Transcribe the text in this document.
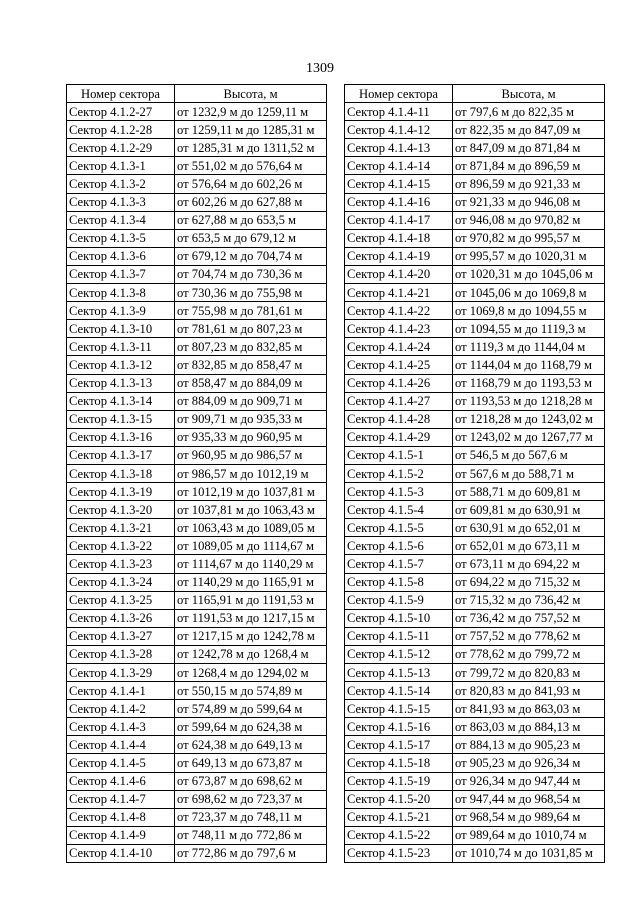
1309
Номер сектора	Высота, м
Сектор 4.1.2-27	от 1232,9 м до 1259,11 м
Сектор 4.1.2-28	от 1259,11 м до 1285,31 м
Сектор 4.1.2-29	от 1285,31 м до 1311,52 м
Сектор 4.1.3-1	от 551,02 м до 576,64 м
Сектор 4.1.3-2	от 576,64 м до 602,26 м
Сектор 4.1.3-3	от 602,26 м до 627,88 м
Сектор 4.1.3-4	от 627,88 м до 653,5 м
Сектор 4.1.3-5	от 653,5 м до 679,12 м
Сектор 4.1.3-6	от 679,12 м до 704,74 м
Сектор 4.1.3-7	от 704,74 м до 730,36 м
Сектор 4.1.3-8	от 730,36 м до 755,98 м
Сектор 4.1.3-9	от 755,98 м до 781,61 м
Сектор 4.1.3-10	от 781,61 м до 807,23 м
Сектор 4.1.3-11	от 807,23 м до 832,85 м
Сектор 4.1.3-12	от 832,85 м до 858,47 м
Сектор 4.1.3-13	от 858,47 м до 884,09 м
Сектор 4.1.3-14	от 884,09 м до 909,71 м
Сектор 4.1.3-15	от 909,71 м до 935,33 м
Сектор 4.1.3-16	от 935,33 м до 960,95 м
Сектор 4.1.3-17	от 960,95 м до 986,57 м
Сектор 4.1.3-18	от 986,57 м до 1012,19 м
Сектор 4.1.3-19	от 1012,19 м до 1037,81 м
Сектор 4.1.3-20	от 1037,81 м до 1063,43 м
Сектор 4.1.3-21	от 1063,43 м до 1089,05 м
Сектор 4.1.3-22	от 1089,05 м до 1114,67 м
Сектор 4.1.3-23	от 1114,67 м до 1140,29 м
Сектор 4.1.3-24	от 1140,29 м до 1165,91 м
Сектор 4.1.3-25	от 1165,91 м до 1191,53 м
Сектор 4.1.3-26	от 1191,53 м до 1217,15 м
Сектор 4.1.3-27	от 1217,15 м до 1242,78 м
Сектор 4.1.3-28	от 1242,78 м до 1268,4 м
Сектор 4.1.3-29	от 1268,4 м до 1294,02 м
Сектор 4.1.4-1	от 550,15 м до 574,89 м
Сектор 4.1.4-2	от 574,89 м до 599,64 м
Сектор 4.1.4-3	от 599,64 м до 624,38 м
Сектор 4.1.4-4	от 624,38 м до 649,13 м
Сектор 4.1.4-5	от 649,13 м до 673,87 м
Сектор 4.1.4-6	от 673,87 м до 698,62 м
Сектор 4.1.4-7	от 698,62 м до 723,37 м
Сектор 4.1.4-8	от 723,37 м до 748,11 м
Сектор 4.1.4-9	от 748,11 м до 772,86 м
Сектор 4.1.4-10	от 772,86 м до 797,6 м
Номер сектора	Высота, м
Сектор 4.1.4-11	от 797,6 м до 822,35 м
Сектор 4.1.4-12	от 822,35 м до 847,09 м
Сектор 4.1.4-13	от 847,09 м до 871,84 м
Сектор 4.1.4-14	от 871,84 м до 896,59 м
Сектор 4.1.4-15	от 896,59 м до 921,33 м
Сектор 4.1.4-16	от 921,33 м до 946,08 м
Сектор 4.1.4-17	от 946,08 м до 970,82 м
Сектор 4.1.4-18	от 970,82 м до 995,57 м
Сектор 4.1.4-19	от 995,57 м до 1020,31 м
Сектор 4.1.4-20	от 1020,31 м до 1045,06 м
Сектор 4.1.4-21	от 1045,06 м до 1069,8 м
Сектор 4.1.4-22	от 1069,8 м до 1094,55 м
Сектор 4.1.4-23	от 1094,55 м до 1119,3 м
Сектор 4.1.4-24	от 1119,3 м до 1144,04 м
Сектор 4.1.4-25	от 1144,04 м до 1168,79 м
Сектор 4.1.4-26	от 1168,79 м до 1193,53 м
Сектор 4.1.4-27	от 1193,53 м до 1218,28 м
Сектор 4.1.4-28	от 1218,28 м до 1243,02 м
Сектор 4.1.4-29	от 1243,02 м до 1267,77 м
Сектор 4.1.5-1	от 546,5 м до 567,6 м
Сектор 4.1.5-2	от 567,6 м до 588,71 м
Сектор 4.1.5-3	от 588,71 м до 609,81 м
Сектор 4.1.5-4	от 609,81 м до 630,91 м
Сектор 4.1.5-5	от 630,91 м до 652,01 м
Сектор 4.1.5-6	от 652,01 м до 673,11 м
Сектор 4.1.5-7	от 673,11 м до 694,22 м
Сектор 4.1.5-8	от 694,22 м до 715,32 м
Сектор 4.1.5-9	от 715,32 м до 736,42 м
Сектор 4.1.5-10	от 736,42 м до 757,52 м
Сектор 4.1.5-11	от 757,52 м до 778,62 м
Сектор 4.1.5-12	от 778,62 м до 799,72 м
Сектор 4.1.5-13	от 799,72 м до 820,83 м
Сектор 4.1.5-14	от 820,83 м до 841,93 м
Сектор 4.1.5-15	от 841,93 м до 863,03 м
Сектор 4.1.5-16	от 863,03 м до 884,13 м
Сектор 4.1.5-17	от 884,13 м до 905,23 м
Сектор 4.1.5-18	от 905,23 м до 926,34 м
Сектор 4.1.5-19	от 926,34 м до 947,44 м
Сектор 4.1.5-20	от 947,44 м до 968,54 м
Сектор 4.1.5-21	от 968,54 м до 989,64 м
Сектор 4.1.5-22	от 989,64 м до 1010,74 м
Сектор 4.1.5-23	от 1010,74 м до 1031,85 м
